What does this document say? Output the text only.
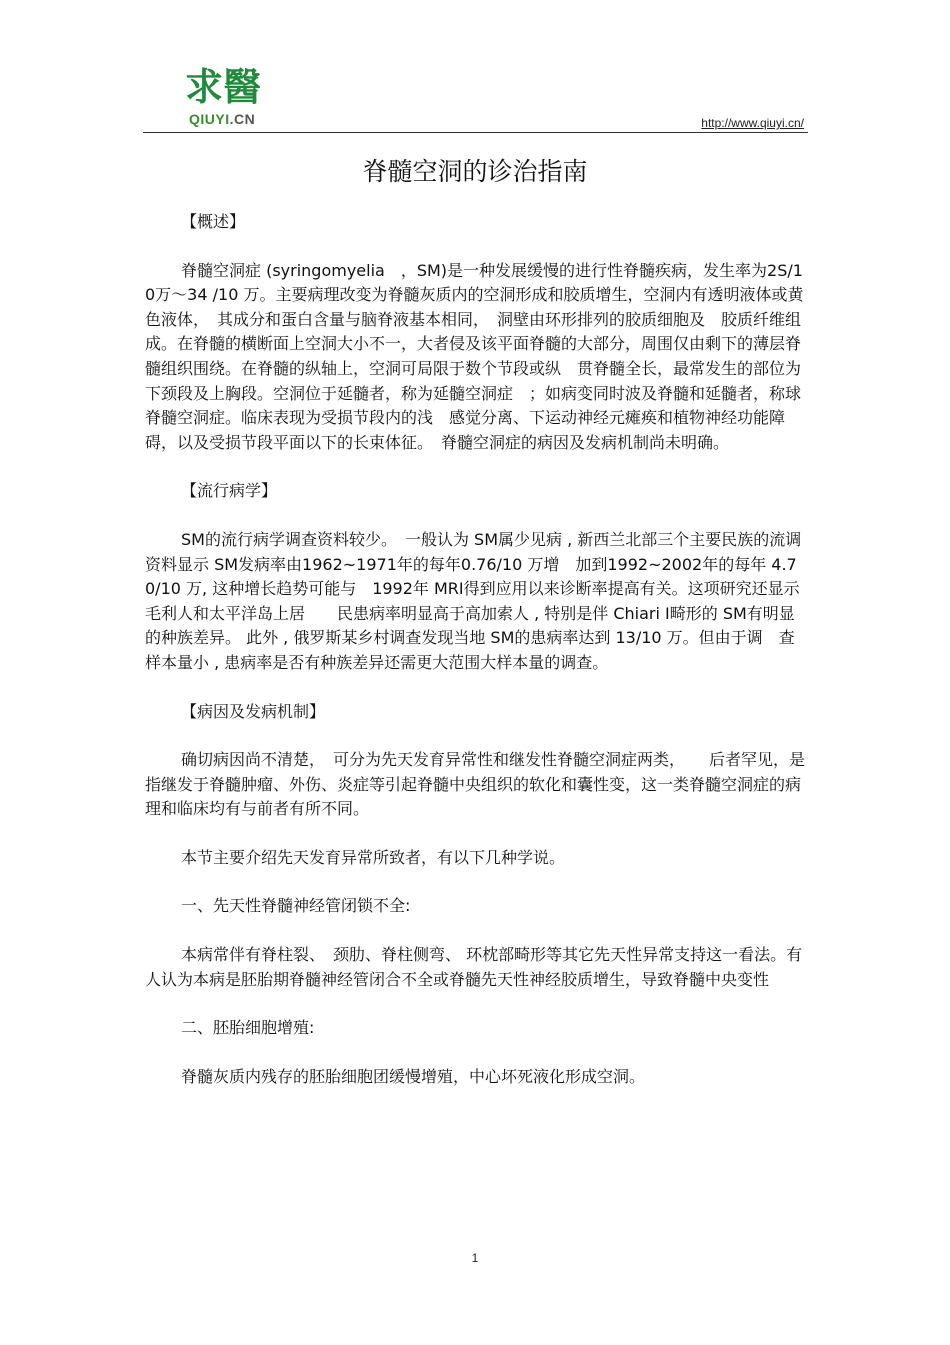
求醫
QIUYI.CN	http://www.qiuyi.cn/
脊髓空洞的诊治指南

【概述】

脊髓空洞症 (syringomyelia　，SM)是一种发展缓慢的进行性脊髓疾病，发生率为2S/10万～34 /10 万。主要病理改变为脊髓灰质内的空洞形成和胶质增生，空洞内有透明液体或黄色液体，　其成分和蛋白含量与脑脊液基本相同，　洞壁由环形排列的胶质细胞及　胶质纤维组成。在脊髓的横断面上空洞大小不一，大者侵及该平面脊髓的大部分，周围仅由剩下的薄层脊髓组织围绕。在脊髓的纵轴上，空洞可局限于数个节段或纵　贯脊髓全长，最常发生的部位为下颈段及上胸段。空洞位于延髓者，称为延髓空洞症　；如病变同时波及脊髓和延髓者，称球脊髓空洞症。临床表现为受损节段内的浅　感觉分离、下运动神经元瘫痪和植物神经功能障碍，以及受损节段平面以下的长束体征。　脊髓空洞症的病因及发病机制尚未明确。

【流行病学】

SM的流行病学调查资料较少。　一般认为 SM属少见病 , 新西兰北部三个主要民族的流调资料显示 SM发病率由1962~1971年的每年0.76/10 万增　加到1992~2002年的每年 4.70/10 万, 这种增长趋势可能与　1992年 MRI得到应用以来诊断率提高有关。这项研究还显示毛利人和太平洋岛上居　　民患病率明显高于高加索人 , 特别是伴 Chiari Ⅰ畸形的 SM有明显的种族差异。 此外 , 俄罗斯某乡村调查发现当地 SM的患病率达到 13/10 万。但由于调　查样本量小 , 患病率是否有种族差异还需更大范围大样本量的调查。

【病因及发病机制】

确切病因尚不清楚，　可分为先天发育异常性和继发性脊髓空洞症两类，　　后者罕见，是指继发于脊髓肿瘤、外伤、炎症等引起脊髓中央组织的软化和囊性变，这一类脊髓空洞症的病理和临床均有与前者有所不同。

本节主要介绍先天发育异常所致者，有以下几种学说。

一、先天性脊髓神经管闭锁不全:

本病常伴有脊柱裂、　颈肋、脊柱侧弯、 环枕部畸形等其它先天性异常支持这一看法。有人认为本病是胚胎期脊髓神经管闭合不全或脊髓先天性神经胶质增生，导致脊髓中央变性

二、胚胎细胞增殖:

脊髓灰质内残存的胚胎细胞团缓慢增殖，中心坏死液化形成空洞。

1
